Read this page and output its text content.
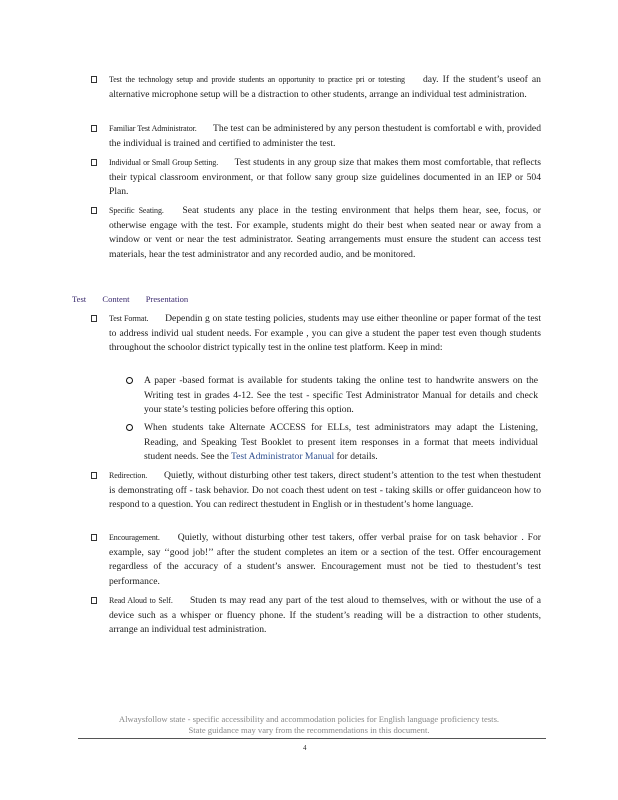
Test the technology setup and provide students an opportunity to practice pri or totesting day. If the student’s useof an alternative microphone setup will be a distraction to other students, arrange an individual test administration.
Familiar Test Administrator. The test can be administered by any person thestudent is comfortabl e with, provided the individual is trained and certified to administer the test.
Individual or Small Group Setting. Test students in any group size that makes them most comfortable, that reflects their typical classroom environment, or that follow sany group size guidelines documented in an IEP or 504 Plan.
Specific Seating. Seat students any place in the testing environment that helps them hear, see, focus, or otherwise engage with the test. For example, students might do their best when seated near or away from a window or vent or near the test administrator. Seating arrangements must ensure the student can access test materials, hear the test administrator and any recorded audio, and be monitored.
Test Content Presentation
Test Format. Dependin g on state testing policies, students may use either theonline or paper format of the test to address individ ual student needs. For example , you can give a student the paper test even though students throughout the schoolor district typically test in the online test platform. Keep in mind:
A paper -based format is available for students taking the online test to handwrite answers on the Writing test in grades 4-12. See the test - specific Test Administrator Manual for details and check your state’s testing policies before offering this option.
When students take Alternate ACCESS for ELLs, test administrators may adapt the Listening, Reading, and Speaking Test Booklet to present item responses in a format that meets individual student needs. See the Test Administrator Manual for details.
Redirection. Quietly, without disturbing other test takers, direct student’s attention to the test when thestudent is demonstrating off - task behavior. Do not coach thest udent on test - taking skills or offer guidanceon how to respond to a question. You can redirect thestudent in English or in thestudent’s home language.
Encouragement. Quietly, without disturbing other test takers, offer verbal praise for on task behavior . For example, say ‘‘good job!’’ after the student completes an item or a section of the test. Offer encouragement regardless of the accuracy of a student’s answer. Encouragement must not be tied to thestudent’s test performance.
Read Aloud to Self. Studen ts may read any part of the test aloud to themselves, with or without the use of a device such as a whisper or fluency phone. If the student’s reading will be a distraction to other students, arrange an individual test administration.
Alwaysfollow state - specific accessibility and accommodation policies for English language proficiency tests.
State guidance may vary from the recommendations in this document.
4
